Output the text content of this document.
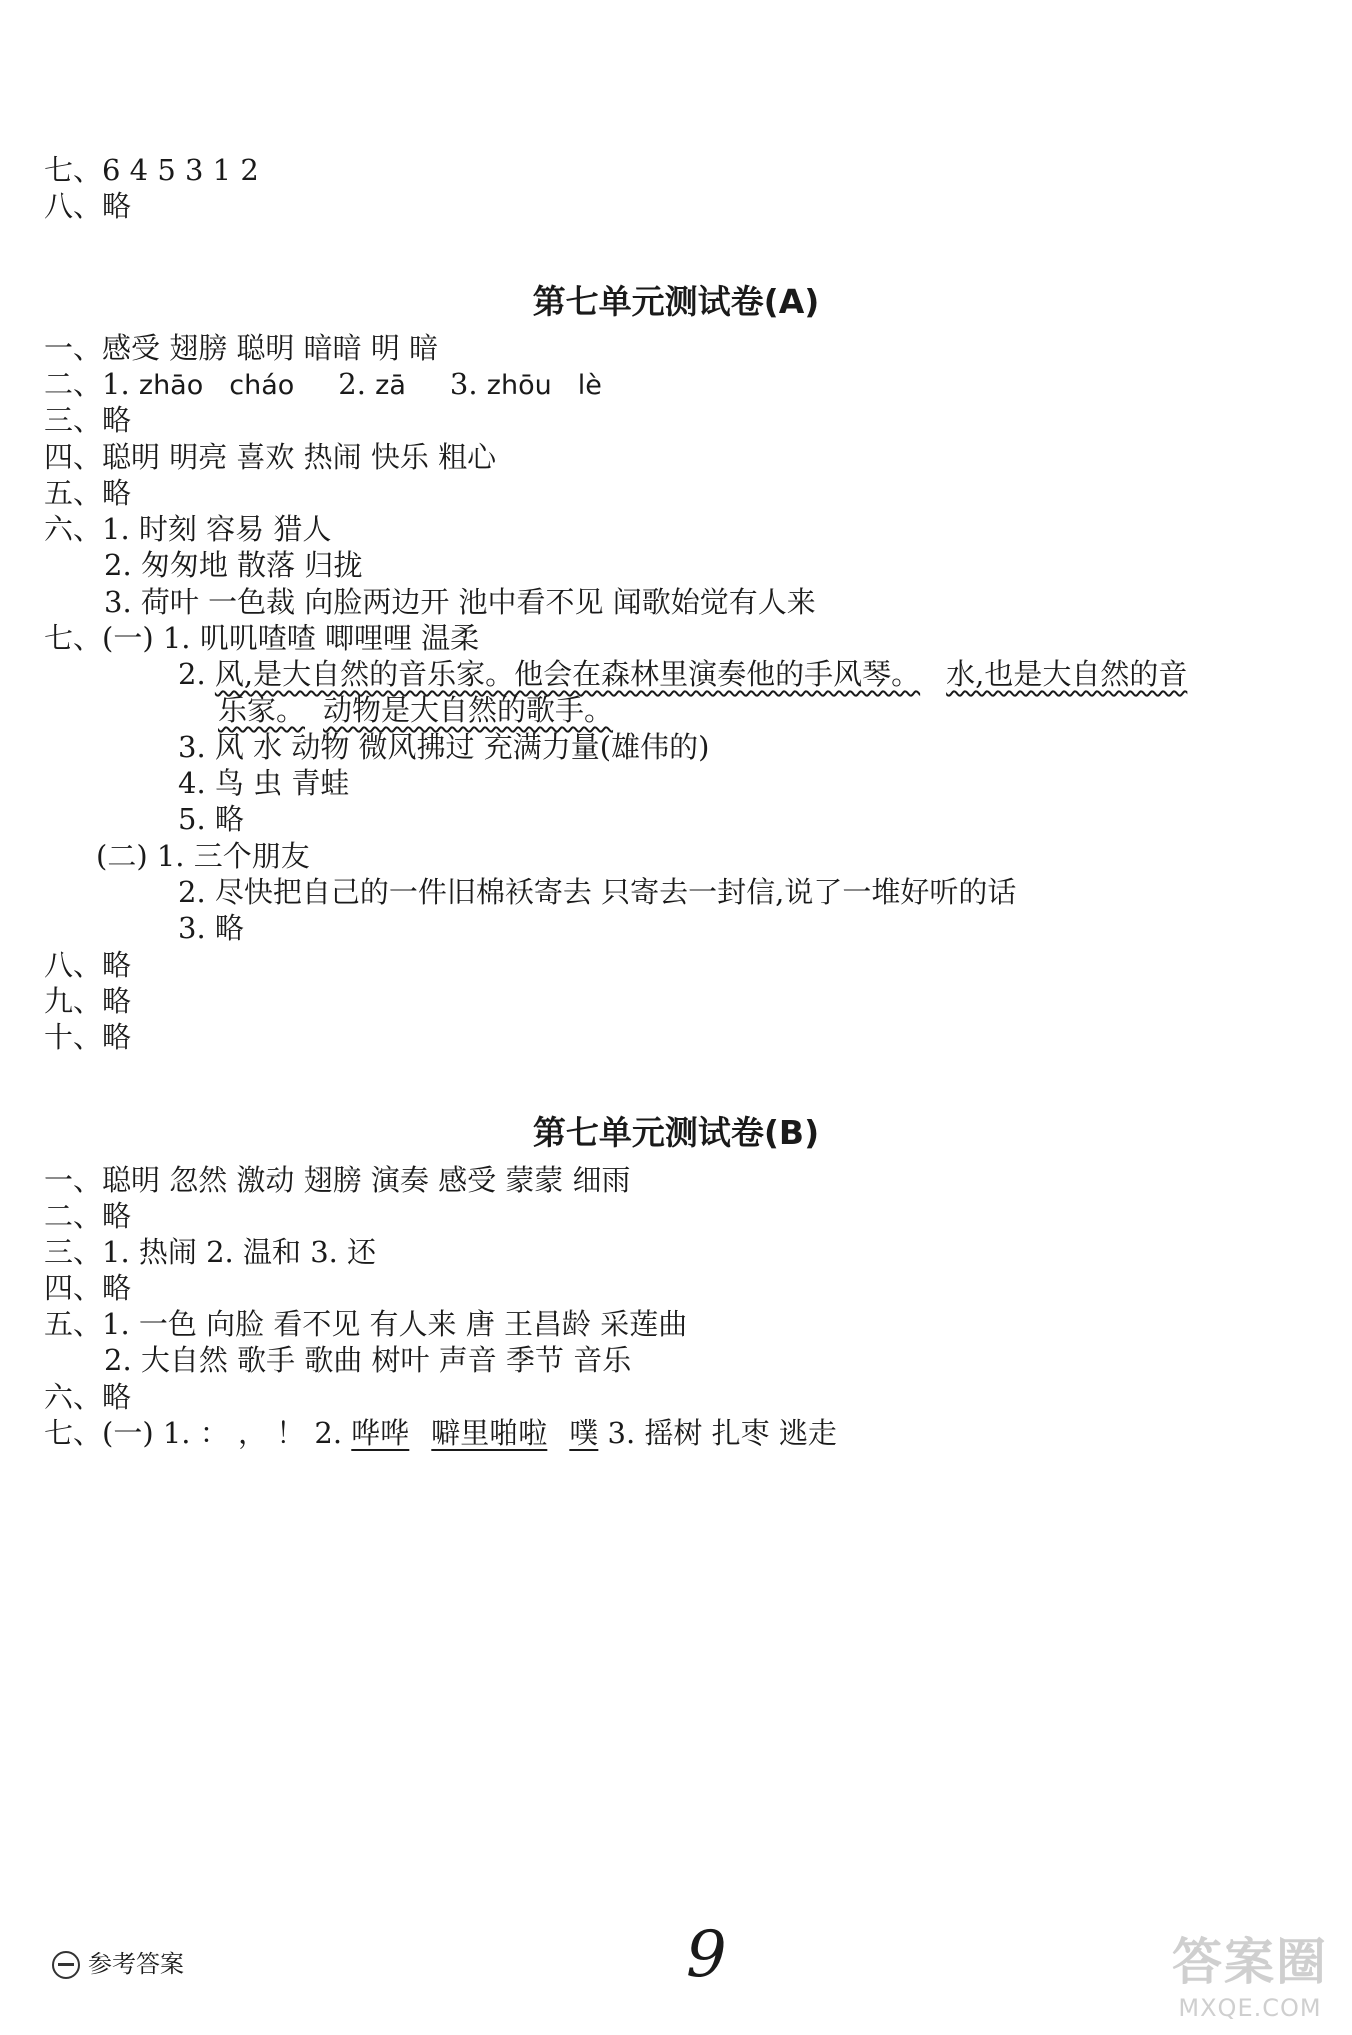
七、6 4 5 3 1 2
八、略
第七单元测试卷(A)
一、感受 翅膀 聪明 暗暗 明 暗
二、1. zhāo cháo 2. zā 3. zhōu lè
三、略
四、聪明 明亮 喜欢 热闹 快乐 粗心
五、略
六、1. 时刻 容易 猎人
2. 匆匆地 散落 归拢
3. 荷叶 一色裁 向脸两边开 池中看不见 闻歌始觉有人来
七、(一) 1. 叽叽喳喳 唧哩哩 温柔
2. 风,是大自然的音乐家。他会在森林里演奏他的手风琴。 水,也是大自然的音
乐家。 动物是大自然的歌手。
3. 风 水 动物 微风拂过 充满力量(雄伟的)
4. 鸟 虫 青蛙
5. 略
(二) 1. 三个朋友
2. 尽快把自己的一件旧棉袄寄去 只寄去一封信,说了一堆好听的话
3. 略
八、略
九、略
十、略
第七单元测试卷(B)
一、聪明 忽然 激动 翅膀 演奏 感受 蒙蒙 细雨
二、略
三、1. 热闹 2. 温和 3. 还
四、略
五、1. 一色 向脸 看不见 有人来 唐 王昌龄 采莲曲
2. 大自然 歌手 歌曲 树叶 声音 季节 音乐
六、略
七、(一) 1. ： ， ！ 2. 哗哗 噼里啪啦 噗 3. 摇树 扎枣 逃走
参考答案	9	答案圈
MXQE.COM
